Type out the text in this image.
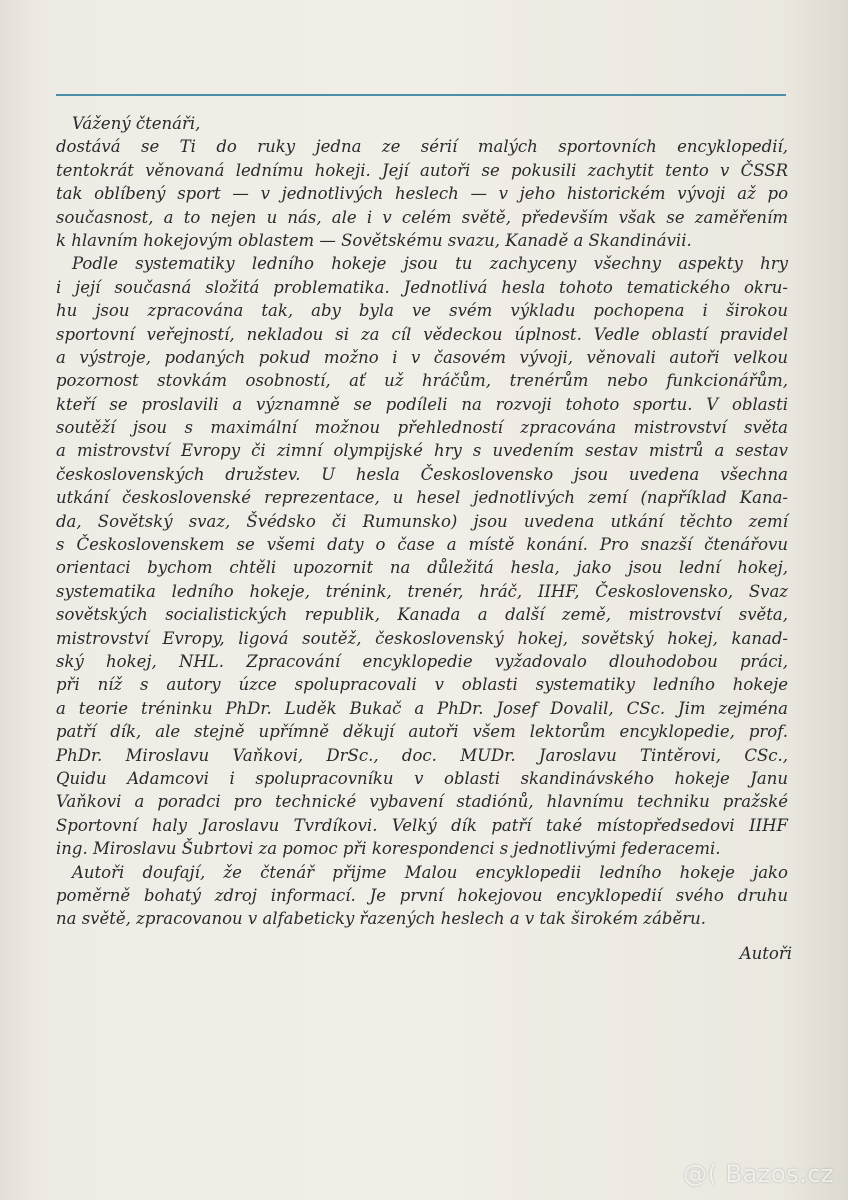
Vážený čtenáři,
dostává se Ti do ruky jedna ze sérií malých sportovních encyklopedií,
tentokrát věnovaná lednímu hokeji. Její autoři se pokusili zachytit tento v ČSSR
tak oblíbený sport — v jednotlivých heslech — v jeho historickém vývoji až po
současnost, a to nejen u nás, ale i v celém světě, především však se zaměřením
k hlavním hokejovým oblastem — Sovětskému svazu, Kanadě a Skandinávii.
Podle systematiky ledního hokeje jsou tu zachyceny všechny aspekty hry
i její současná složitá problematika. Jednotlivá hesla tohoto tematického okru-
hu jsou zpracována tak, aby byla ve svém výkladu pochopena i širokou
sportovní veřejností, nekladou si za cíl vědeckou úplnost. Vedle oblastí pravidel
a výstroje, podaných pokud možno i v časovém vývoji, věnovali autoři velkou
pozornost stovkám osobností, ať už hráčům, trenérům nebo funkcionářům,
kteří se proslavili a významně se podíleli na rozvoji tohoto sportu. V oblasti
soutěží jsou s maximální možnou přehledností zpracována mistrovství světa
a mistrovství Evropy či zimní olympijské hry s uvedením sestav mistrů a sestav
československých družstev. U hesla Československo jsou uvedena všechna
utkání československé reprezentace, u hesel jednotlivých zemí (například Kana-
da, Sovětský svaz, Švédsko či Rumunsko) jsou uvedena utkání těchto zemí
s Československem se všemi daty o čase a místě konání. Pro snazší čtenářovu
orientaci bychom chtěli upozornit na důležitá hesla, jako jsou lední hokej,
systematika ledního hokeje, trénink, trenér, hráč, IIHF, Československo, Svaz
sovětských socialistických republik, Kanada a další země, mistrovství světa,
mistrovství Evropy, ligová soutěž, československý hokej, sovětský hokej, kanad-
ský hokej, NHL. Zpracování encyklopedie vyžadovalo dlouhodobou práci,
při níž s autory úzce spolupracovali v oblasti systematiky ledního hokeje
a teorie tréninku PhDr. Luděk Bukač a PhDr. Josef Dovalil, CSc. Jim zejména
patří dík, ale stejně upřímně děkují autoři všem lektorům encyklopedie, prof.
PhDr. Miroslavu Vaňkovi, DrSc., doc. MUDr. Jaroslavu Tintěrovi, CSc.,
Quidu Adamcovi i spolupracovníku v oblasti skandinávského hokeje Janu
Vaňkovi a poradci pro technické vybavení stadiónů, hlavnímu techniku pražské
Sportovní haly Jaroslavu Tvrdíkovi. Velký dík patří také místopředsedovi IIHF
ing. Miroslavu Šubrtovi za pomoc při korespondenci s jednotlivými federacemi.
Autoři doufají, že čtenář přijme Malou encyklopedii ledního hokeje jako
poměrně bohatý zdroj informací. Je první hokejovou encyklopedií svého druhu
na světě, zpracovanou v alfabeticky řazených heslech a v tak širokém záběru.
Autoři
@( Bazos.cz
